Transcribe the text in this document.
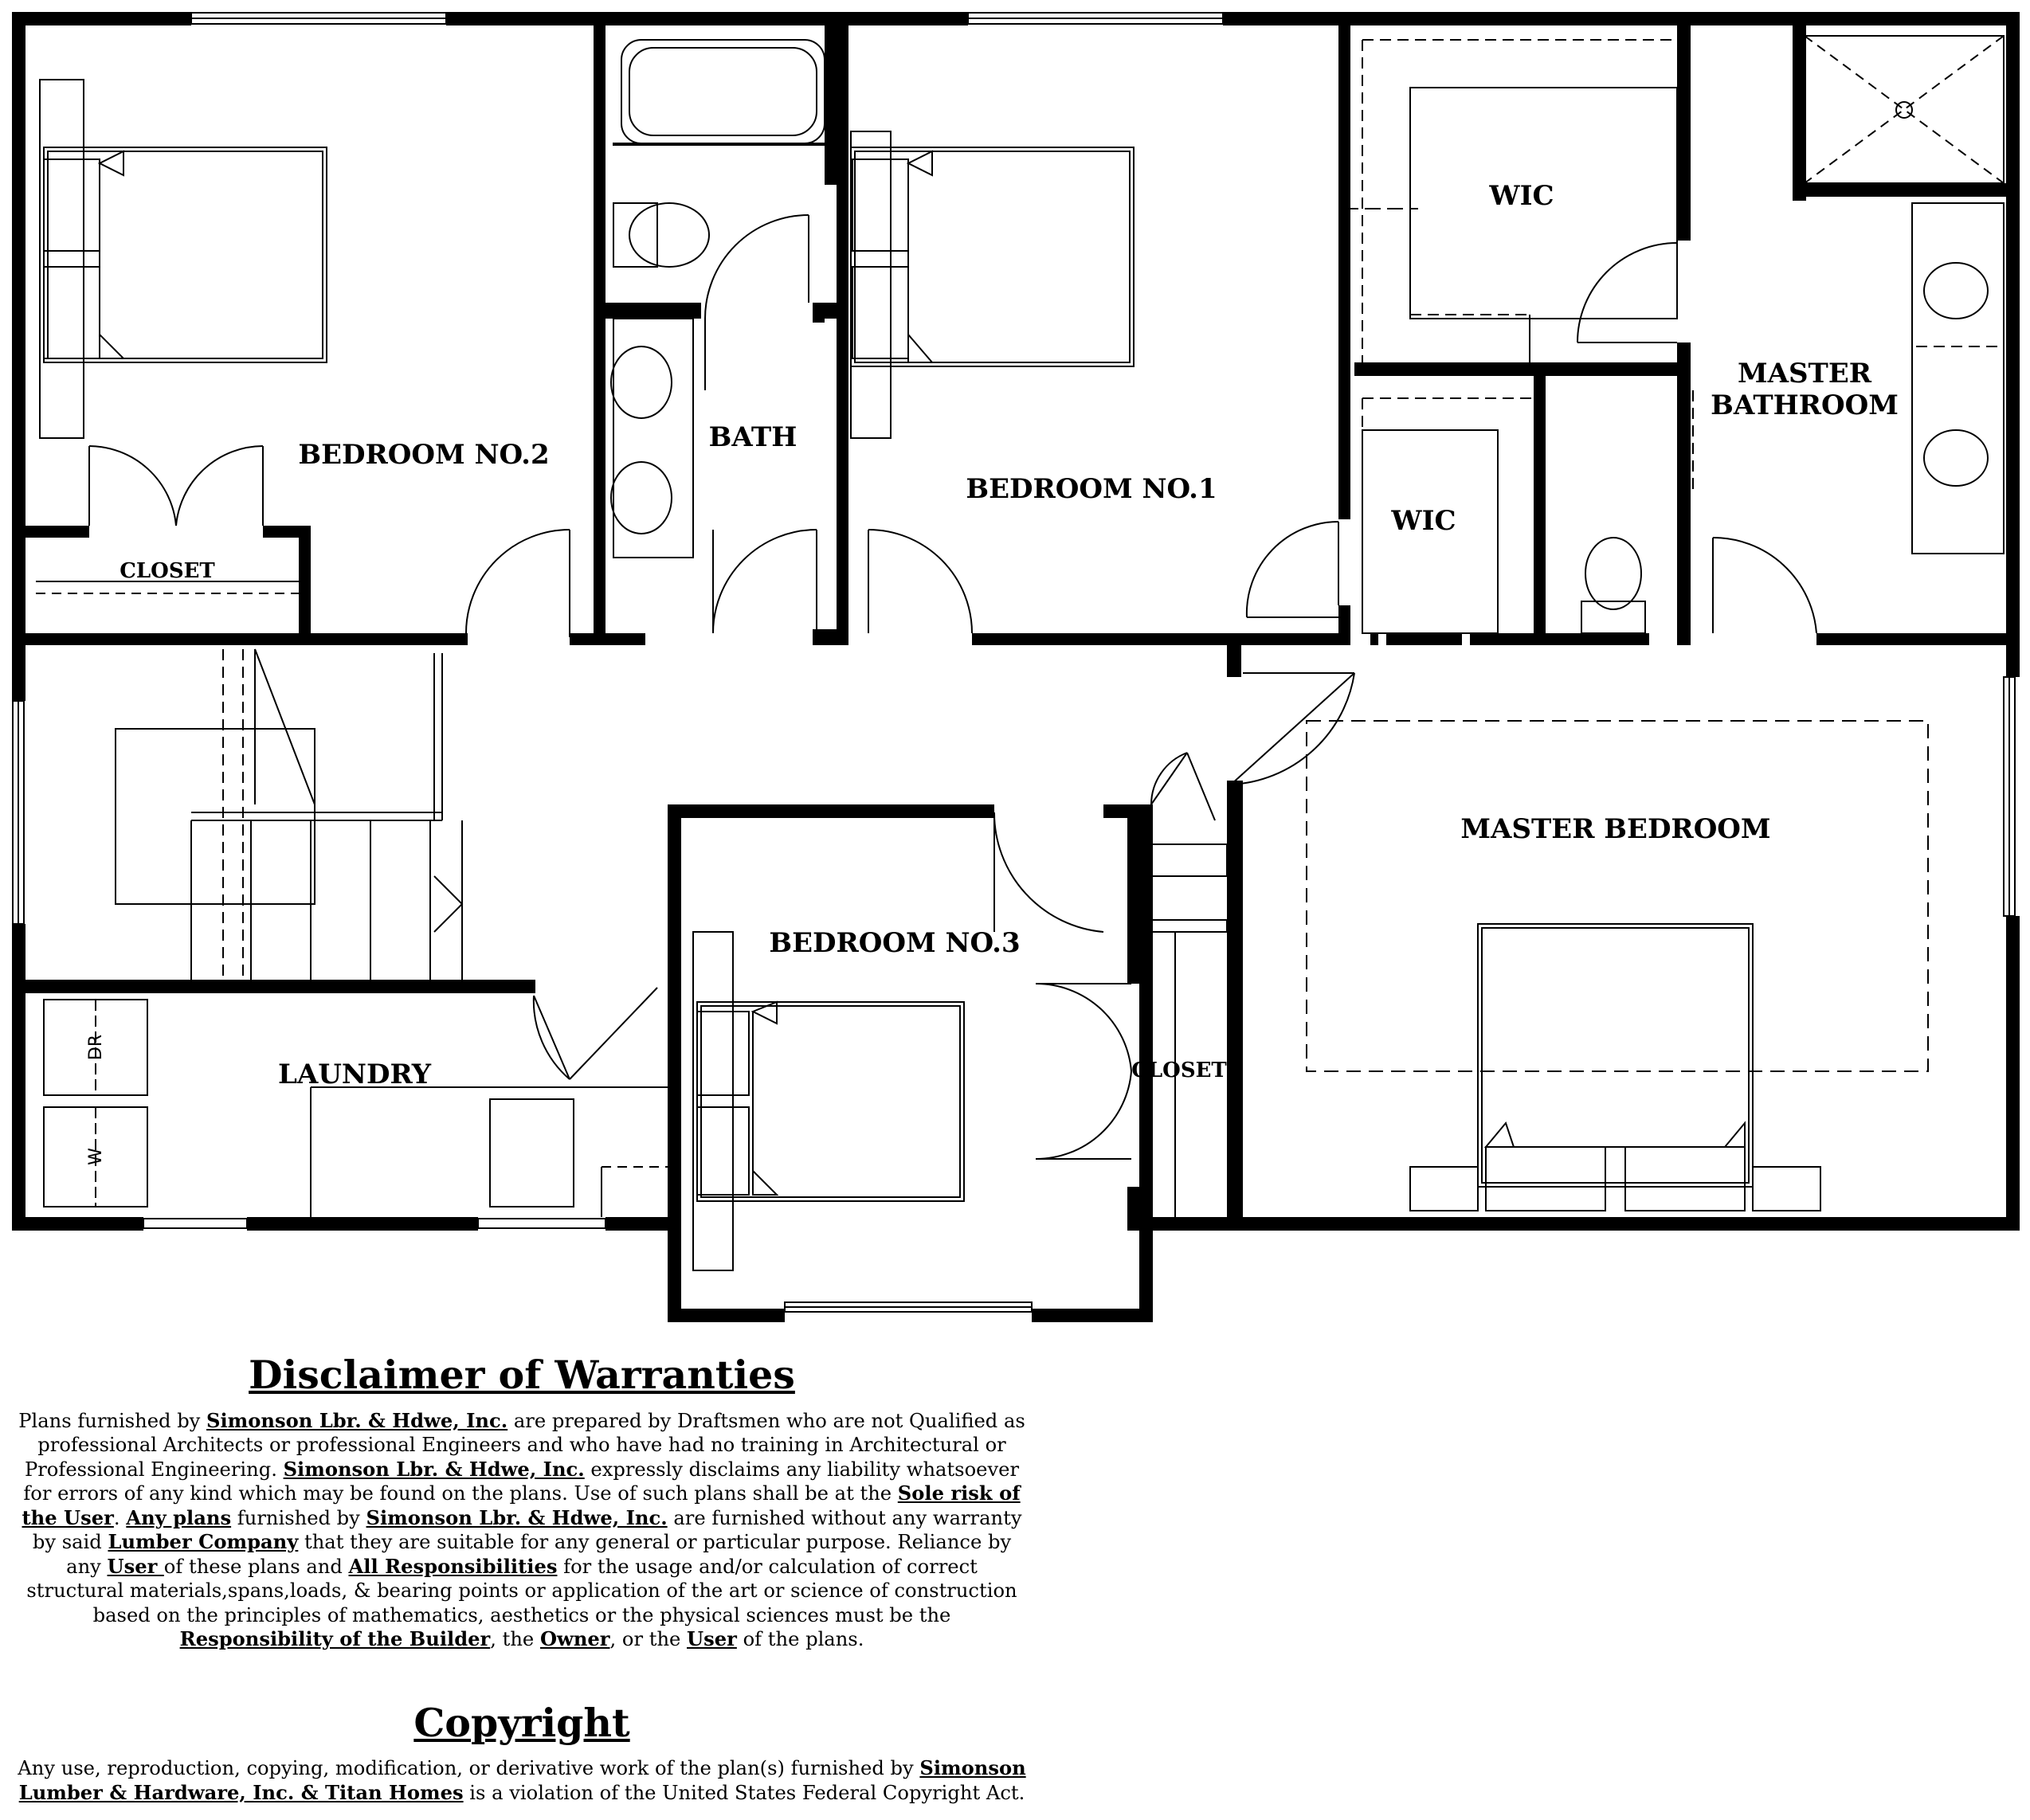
BEDROOM NO.2
CLOSET
BATH
BEDROOM NO.1
WIC
WIC
MASTER
BATHROOM
MASTER BEDROOM
BEDROOM NO.3
CLOSET
LAUNDRY
DR
W

Disclaimer of Warranties

Plans furnished by Simonson Lbr. & Hdwe, Inc. are prepared by Draftsmen who are not Qualified as professional Architects or professional Engineers and who have had no training in Architectural or Professional Engineering. Simonson Lbr. & Hdwe, Inc. expressly disclaims any liability whatsoever for errors of any kind which may be found on the plans. Use of such plans shall be at the Sole risk of the User. Any plans furnished by Simonson Lbr. & Hdwe, Inc. are furnished without any warranty by said Lumber Company that they are suitable for any general or particular purpose. Reliance by any User of these plans and All Responsibilities for the usage and/or calculation of correct structural materials,spans,loads, & bearing points or application of the art or science of construction based on the principles of mathematics, aesthetics or the physical sciences must be the Responsibility of the Builder, the Owner, or the User of the plans.

Copyright

Any use, reproduction, copying, modification, or derivative work of the plan(s) furnished by Simonson Lumber & Hardware, Inc. & Titan Homes is a violation of the United States Federal Copyright Act.
